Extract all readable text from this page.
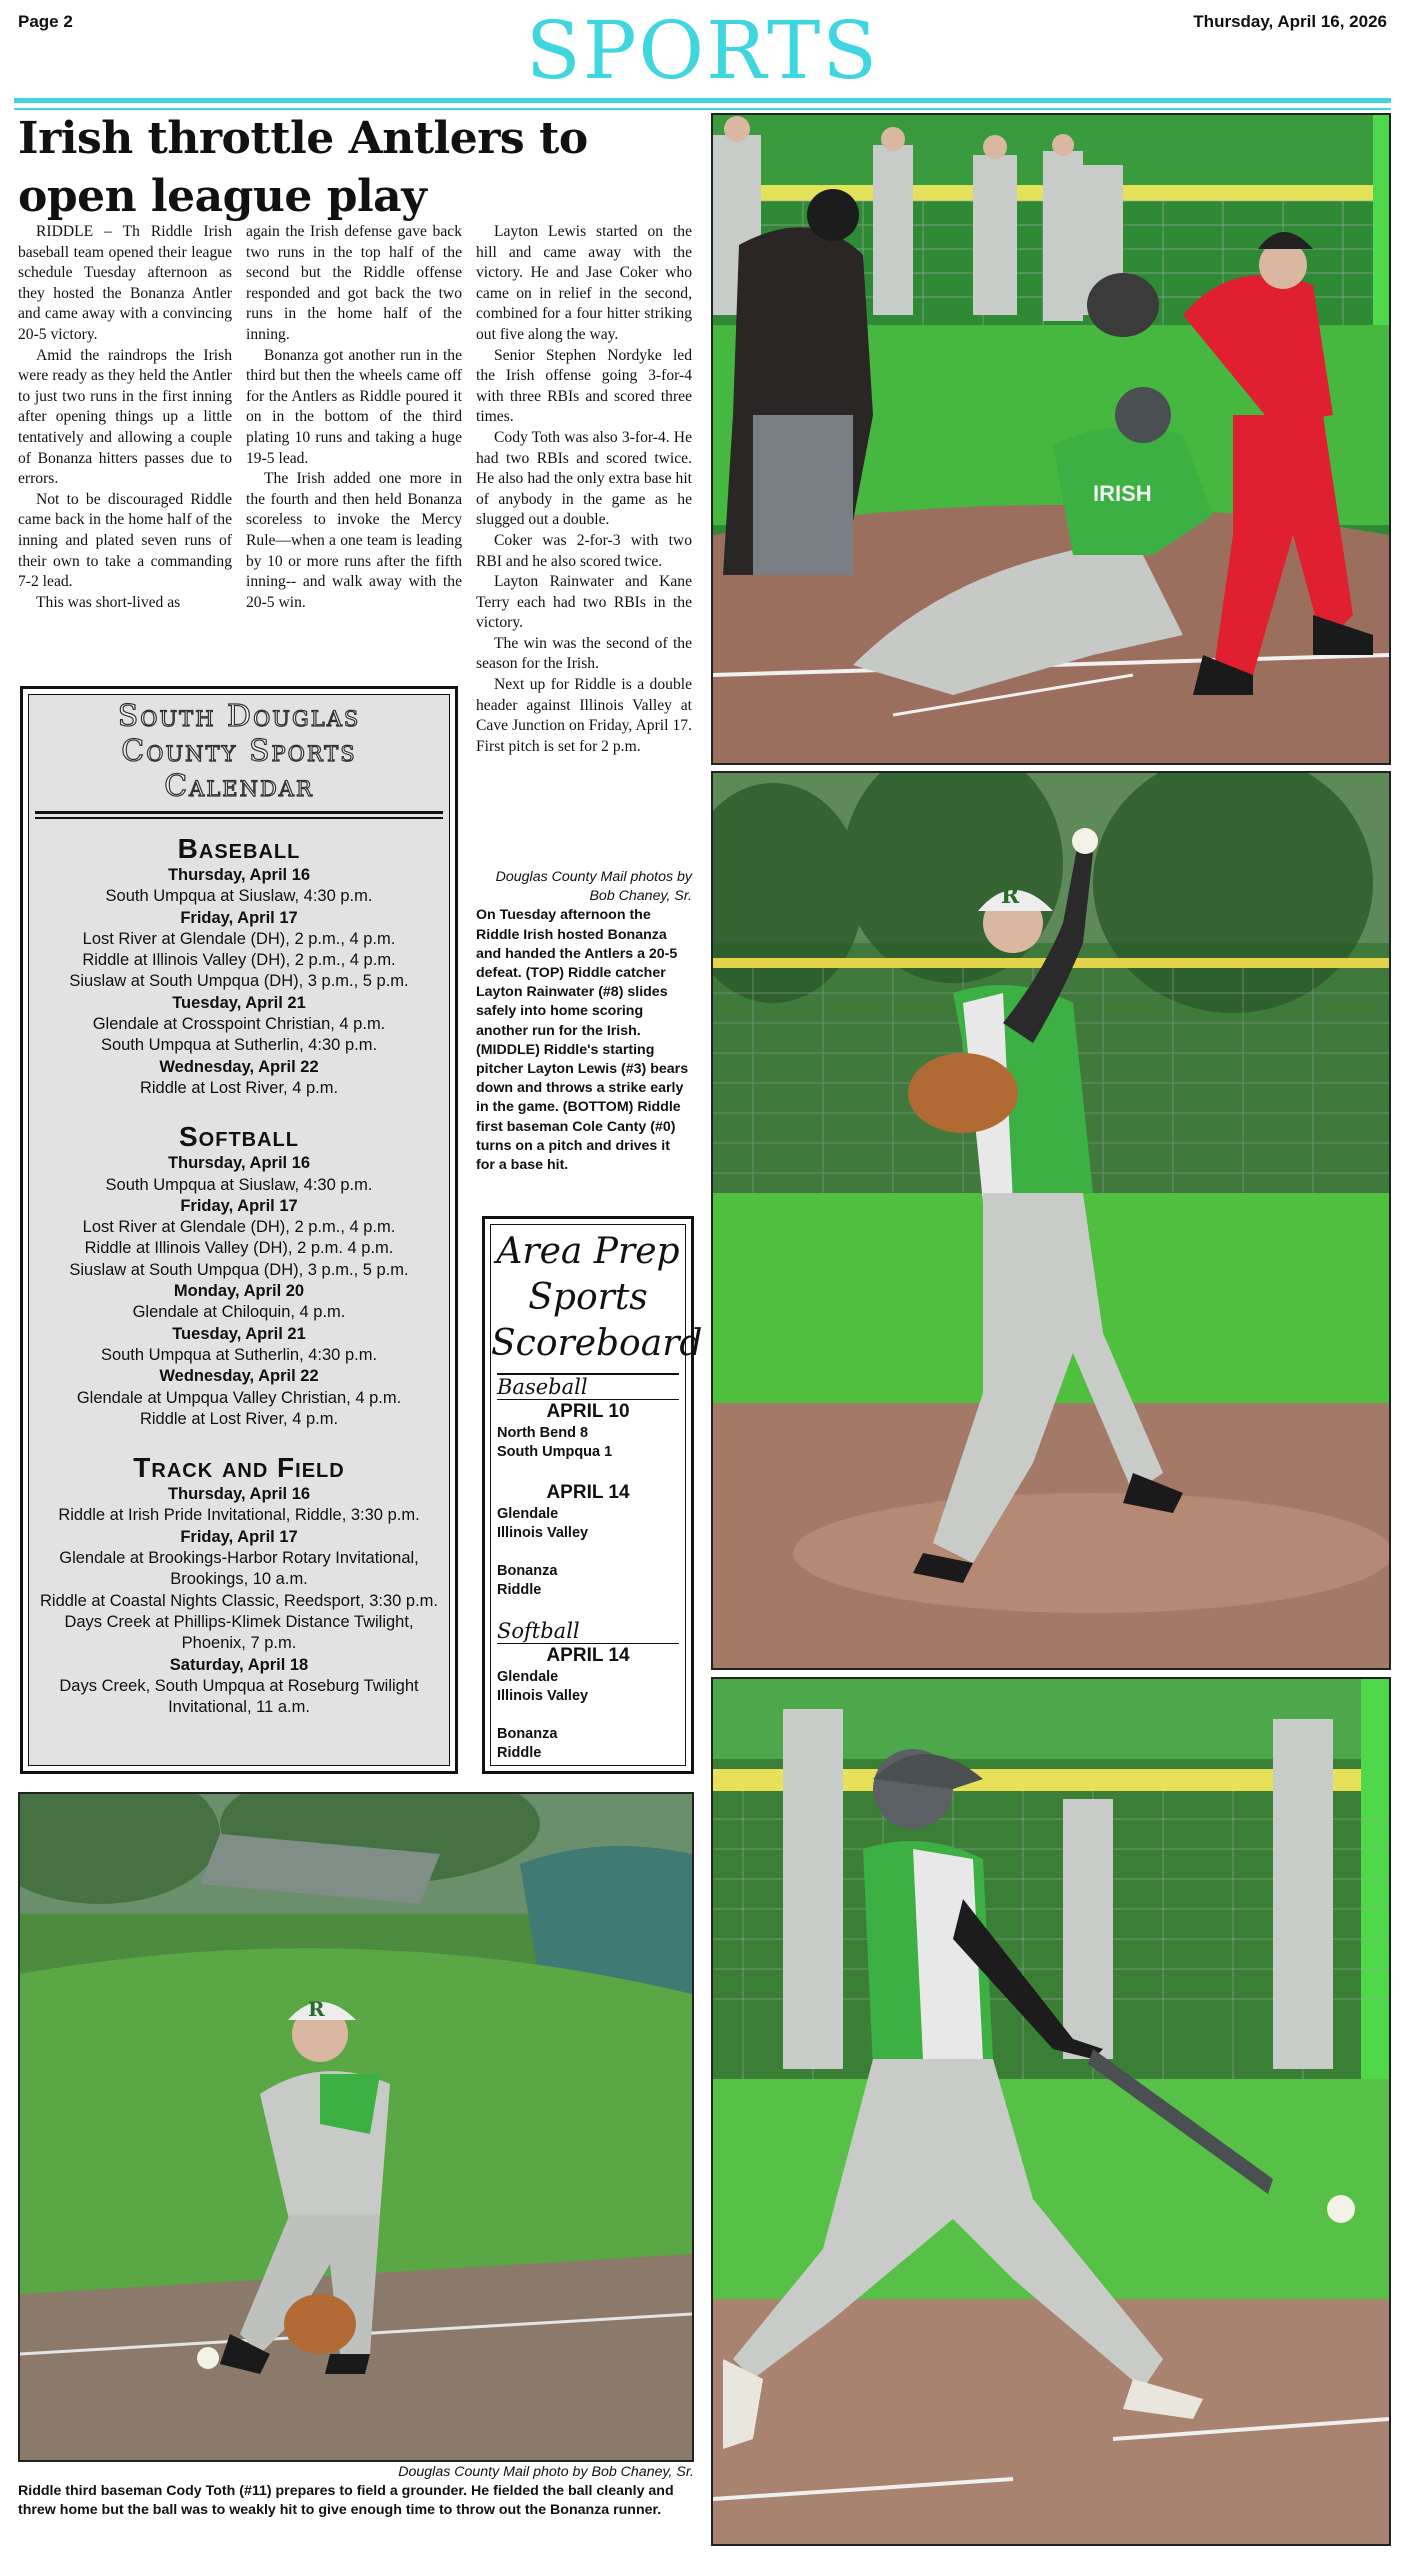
Page 2	SPORTS	Thursday, April 16, 2026
Irish throttle Antlers to open league play

RIDDLE – Th Riddle Irish baseball team opened their league schedule Tuesday afternoon as they hosted the Bonanza Antler and came away with a convincing 20-5 victory.

Amid the raindrops the Irish were ready as they held the Antler to just two runs in the first inning after opening things up a little tentatively and allowing a couple of Bonanza hitters passes due to errors.

Not to be discouraged Riddle came back in the home half of the inning and plated seven runs of their own to take a commanding 7-2 lead.

This was short-lived as

again the Irish defense gave back two runs in the top half of the second but the Riddle offense responded and got back the two runs in the home half of the inning.

Bonanza got another run in the third but then the wheels came off for the Antlers as Riddle poured it on in the bottom of the third plating 10 runs and taking a huge 19-5 lead.

The Irish added one more in the fourth and then held Bonanza scoreless to invoke the Mercy Rule—when a one team is leading by 10 or more runs after the fifth inning-- and walk away with the 20-5 win.

Layton Lewis started on the hill and came away with the victory. He and Jase Coker who came on in relief in the second, combined for a four hitter striking out five along the way.

Senior Stephen Nordyke led the Irish offense going 3-for-4 with three RBIs and scored three times.

Cody Toth was also 3-for-4. He had two RBIs and scored twice. He also had the only extra base hit of anybody in the game as he slugged out a double.

Coker was 2-for-3 with two RBI and he also scored twice.

Layton Rainwater and Kane Terry each had two RBIs in the victory.

The win was the second of the season for the Irish.

Next up for Riddle is a double header against Illinois Valley at Cave Junction on Friday, April 17. First pitch is set for 2 p.m.

Douglas County Mail photos by Bob Chaney, Sr.
On Tuesday afternoon the Riddle Irish hosted Bonanza and handed the Antlers a 20-5 defeat. (TOP) Riddle catcher Layton Rainwater (#8) slides safely into home scoring another run for the Irish. (MIDDLE) Riddle's starting pitcher Layton Lewis (#3) bears down and throws a strike early in the game. (BOTTOM) Riddle first baseman Cole Canty (#0) turns on a pitch and drives it for a base hit.
South Douglas
County Sports
Calendar
Baseball
Thursday, April 16
South Umpqua at Siuslaw, 4:30 p.m.
Friday, April 17
Lost River at Glendale (DH), 2 p.m., 4 p.m.
Riddle at Illinois Valley (DH), 2 p.m., 4 p.m.
Siuslaw at South Umpqua (DH), 3 p.m., 5 p.m.
Tuesday, April 21
Glendale at Crosspoint Christian, 4 p.m.
South Umpqua at Sutherlin, 4:30 p.m.
Wednesday, April 22
Riddle at Lost River, 4 p.m.
Softball
Thursday, April 16
South Umpqua at Siuslaw, 4:30 p.m.
Friday, April 17
Lost River at Glendale (DH), 2 p.m., 4 p.m.
Riddle at Illinois Valley (DH), 2 p.m. 4 p.m.
Siuslaw at South Umpqua (DH), 3 p.m., 5 p.m.
Monday, April 20
Glendale at Chiloquin, 4 p.m.
Tuesday, April 21
South Umpqua at Sutherlin, 4:30 p.m.
Wednesday, April 22
Glendale at Umpqua Valley Christian, 4 p.m.
Riddle at Lost River, 4 p.m.
Track and Field
Thursday, April 16
Riddle at Irish Pride Invitational, Riddle, 3:30 p.m.
Friday, April 17
Glendale at Brookings-Harbor Rotary Invitational, Brookings, 10 a.m.
Riddle at Coastal Nights Classic, Reedsport, 3:30 p.m.
Days Creek at Phillips-Klimek Distance Twilight, Phoenix, 7 p.m.
Saturday, April 18
Days Creek, South Umpqua at Roseburg Twilight Invitational, 11 a.m.
Area Prep
Sports
Scoreboard
Baseball
APRIL 10
North Bend 8
South Umpqua 1
APRIL 14
Glendale
Illinois Valley
Bonanza
Riddle
Softball
APRIL 14
Glendale
Illinois Valley
Bonanza
Riddle
IRISH
R
R
Douglas County Mail photo by Bob Chaney, Sr.
Riddle third baseman Cody Toth (#11) prepares to field a grounder. He fielded the ball cleanly and threw home but the ball was to weakly hit to give enough time to throw out the Bonanza runner.
